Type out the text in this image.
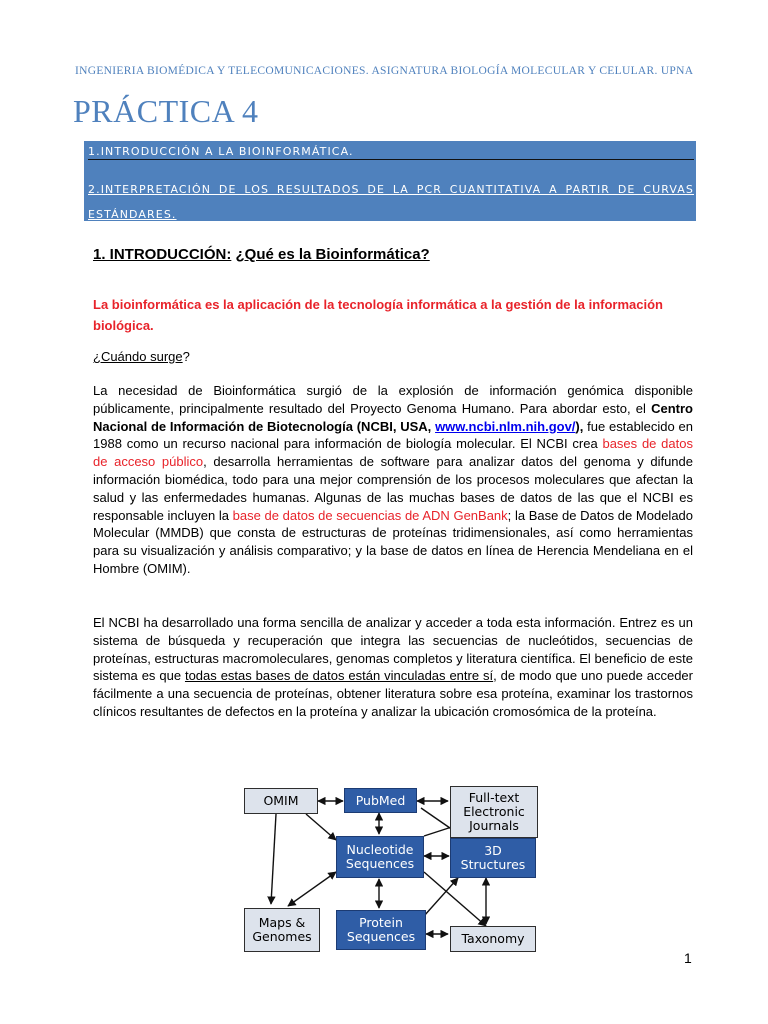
INGENIERIA BIOMÉDICA Y TELECOMUNICACIONES. ASIGNATURA BIOLOGÍA MOLECULAR Y CELULAR. UPNA
PRÁCTICA 4
1.INTRODUCCIÓN A LA BIOINFORMÁTICA.
2.INTERPRETACIÓN DE LOS RESULTADOS DE LA PCR CUANTITATIVA A PARTIR DE CURVAS ESTÁNDARES.
1. INTRODUCCIÓN: ¿Qué es la Bioinformática?
La bioinformática es la aplicación de la tecnología informática a la gestión de la información biológica.
¿Cuándo surge?
La necesidad de Bioinformática surgió de la explosión de información genómica disponible públicamente, principalmente resultado del Proyecto Genoma Humano. Para abordar esto, el Centro Nacional de Información de Biotecnología (NCBI, USA, www.ncbi.nlm.nih.gov/), fue establecido en 1988 como un recurso nacional para información de biología molecular. El NCBI crea bases de datos de acceso público, desarrolla herramientas de software para analizar datos del genoma y difunde información biomédica, todo para una mejor comprensión de los procesos moleculares que afectan la salud y las enfermedades humanas. Algunas de las muchas bases de datos de las que el NCBI es responsable incluyen la base de datos de secuencias de ADN GenBank; la Base de Datos de Modelado Molecular (MMDB) que consta de estructuras de proteínas tridimensionales, así como herramientas para su visualización y análisis comparativo; y la base de datos en línea de Herencia Mendeliana en el Hombre (OMIM).
El NCBI ha desarrollado una forma sencilla de analizar y acceder a toda esta información. Entrez es un sistema de búsqueda y recuperación que integra las secuencias de nucleótidos, secuencias de proteínas, estructuras macromoleculares, genomas completos y literatura científica. El beneficio de este sistema es que todas estas bases de datos están vinculadas entre sí, de modo que uno puede acceder fácilmente a una secuencia de proteínas, obtener literatura sobre esa proteína, examinar los trastornos clínicos resultantes de defectos en la proteína y analizar la ubicación cromosómica de la proteína.
OMIM	PubMed	Full-text Electronic Journals
Nucleotide Sequences
3D Structures
Maps & Genomes
Protein Sequences	Taxonomy
1
